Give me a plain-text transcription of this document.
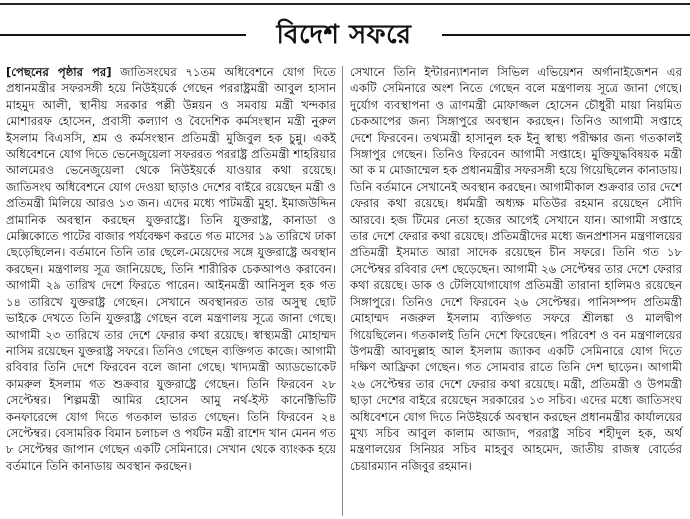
বিদেশ সফরে

[পেছনের পৃষ্ঠার পর] জাতিসংঘের ৭১তম অধিবেশনে যোগ দিতে প্রধানমন্ত্রীর সফরসঙ্গী হয়ে নিউইয়র্কে গেছেন পররাষ্ট্রমন্ত্রী আবুল হাসান মাহমুদ আলী, স্থানীয় সরকার পল্লী উন্নয়ন ও সমবায় মন্ত্রী খন্দকার মোশাররফ হোসেন, প্রবাসী কল্যাণ ও বৈদেশিক কর্মসংস্থান মন্ত্রী নুরুল ইসলাম বিএসসি, শ্রম ও কর্মসংস্থান প্রতিমন্ত্রী মুজিবুল হক চুন্নু। একই অধিবেশনে যোগ দিতে ভেনেজুয়েলা সফররত পররাষ্ট্র প্রতিমন্ত্রী শাহরিয়ার আলমেরও ভেনেজুয়েলা থেকে নিউইয়র্কে যাওয়ার কথা রয়েছে। জাতিসংঘ অধিবেশনে যোগ দেওয়া ছাড়াও দেশের বাইরে রয়েছেন মন্ত্রী ও প্রতিমন্ত্রী মিলিয়ে আরও ১৩ জন। এদের মধ্যে পাটমন্ত্রী মুহা. ইমাজউদ্দিন প্রামানিক অবস্থান করছেন যুক্তরাষ্ট্রে। তিনি যুক্তরাষ্ট্র, কানাডা ও মেক্সিকোতে পাটের বাজার পর্যবেক্ষণ করতে গত মাসের ১৯ তারিখে ঢাকা ছেড়েছিলেন। বর্তমানে তিনি তার ছেলে-মেয়েদের সঙ্গে যুক্তরাষ্ট্রে অবস্থান করছেন। মন্ত্রণালয় সূত্র জানিয়েছে, তিনি শারীরিক চেকআপও করাবেন। আগামী ২৯ তারিখ দেশে ফিরতে পারেন। আইনমন্ত্রী আনিসুল হক গত ১৪ তারিখে যুক্তরাষ্ট্র গেছেন। সেখানে অবস্থানরত তার অসুস্থ ছোট ভাইকে দেখতে তিনি যুক্তরাষ্ট্র গেছেন বলে মন্ত্রণালয় সূত্রে জানা গেছে। আগামী ২৩ তারিখে তার দেশে ফেরার কথা রয়েছে। স্বাস্থ্যমন্ত্রী মোহাম্মদ নাসিম রয়েছেন যুক্তরাষ্ট্র সফরে। তিনিও গেছেন ব্যক্তিগত কাজে। আগামী রবিবার তিনি দেশে ফিরবেন বলে জানা গেছে। খাদ্যমন্ত্রী অ্যাডভোকেট কামরুল ইসলাম গত শুক্রবার যুক্তরাষ্ট্রে গেছেন। তিনি ফিরবেন ২৮ সেপ্টেম্বর। শিল্পমন্ত্রী আমির হোসেন আমু নর্থ-ইস্ট কানেক্টিভিটি কনফারেন্সে যোগ দিতে গতকাল ভারত গেছেন। তিনি ফিরবেন ২৪ সেপ্টেম্বর। বেসামরিক বিমান চলাচল ও পর্যটন মন্ত্রী রাশেদ খান মেনন গত ৮ সেপ্টেম্বর জাপান গেছেন একটি সেমিনারে। সেখান থেকে ব্যাংকক হয়ে বর্তমানে তিনি কানাডায় অবস্থান করছেন।

সেখানে তিনি ইন্টারন্যাশনাল সিভিল এভিয়েশন অর্গানাইজেশন এর একটি সেমিনারে অংশ নিতে গেছেন বলে মন্ত্রণালয় সূত্রে জানা গেছে। দুর্যোগ ব্যবস্থাপনা ও ত্রাণমন্ত্রী মোফাজ্জল হোসেন চৌধুরী মায়া নিয়মিত চেকআপের জন্য সিঙ্গাপুরে অবস্থান করছেন। তিনিও আগামী সপ্তাহে দেশে ফিরবেন। তথ্যমন্ত্রী হাসানুল হক ইনু স্বাস্থ্য পরীক্ষার জন্য গতকালই সিঙ্গাপুর গেছেন। তিনিও ফিরবেন আগামী সপ্তাহে। মুক্তিযুদ্ধবিষয়ক মন্ত্রী আ ক ম মোজাম্মেল হক প্রধানমন্ত্রীর সফরসঙ্গী হয়ে গিয়েছিলেন কানাডায়। তিনি বর্তমানে সেখানেই অবস্থান করছেন। আগামীকাল শুক্রবার তার দেশে ফেরার কথা রয়েছে। ধর্মমন্ত্রী অধ্যক্ষ মতিউর রহমান রয়েছেন সৌদি আরবে। হজ টিমের নেতা হজের আগেই সেখানে যান। আগামী সপ্তাহে তার দেশে ফেরার কথা রয়েছে। প্রতিমন্ত্রীদের মধ্যে জনপ্রশাসন মন্ত্রণালয়ের প্রতিমন্ত্রী ইসমাত আরা সাদেক রয়েছেন চীন সফরে। তিনি গত ১৮ সেপ্টেম্বর রবিবার দেশ ছেড়েছেন। আগামী ২৬ সেপ্টেম্বর তার দেশে ফেরার কথা রয়েছে। ডাক ও টেলিযোগাযোগ প্রতিমন্ত্রী তারানা হালিমও রয়েছেন সিঙ্গাপুরে। তিনিও দেশে ফিরবেন ২৬ সেপ্টেম্বর। পানিসম্পদ প্রতিমন্ত্রী মোহাম্মদ নজরুল ইসলাম ব্যক্তিগত সফরে শ্রীলঙ্কা ও মালদ্বীপ গিয়েছিলেন। গতকালই তিনি দেশে ফিরেছেন। পরিবেশ ও বন মন্ত্রণালয়ের উপমন্ত্রী আবদুল্লাহ আল ইসলাম জ্যাকব একটি সেমিনারে যোগ দিতে দক্ষিণ আফ্রিকা গেছেন। গত সোমবার রাতে তিনি দেশ ছাড়েন। আগামী ২৬ সেপ্টেম্বর তার দেশে ফেরার কথা রয়েছে। মন্ত্রী, প্রতিমন্ত্রী ও উপমন্ত্রী ছাড়া দেশের বাইরে রয়েছেন সরকারের ১৩ সচিব। এদের মধ্যে জাতিসংঘ অধিবেশনে যোগ দিতে নিউইয়র্কে অবস্থান করছেন প্রধানমন্ত্রীর কার্যালয়ের মুখ্য সচিব আবুল কালাম আজাদ, পররাষ্ট্র সচিব শহীদুল হক, অর্থ মন্ত্রণালয়ের সিনিয়র সচিব মাহবুব আহমেদ, জাতীয় রাজস্ব বোর্ডের চেয়ারম্যান নজিবুর রহমান।
